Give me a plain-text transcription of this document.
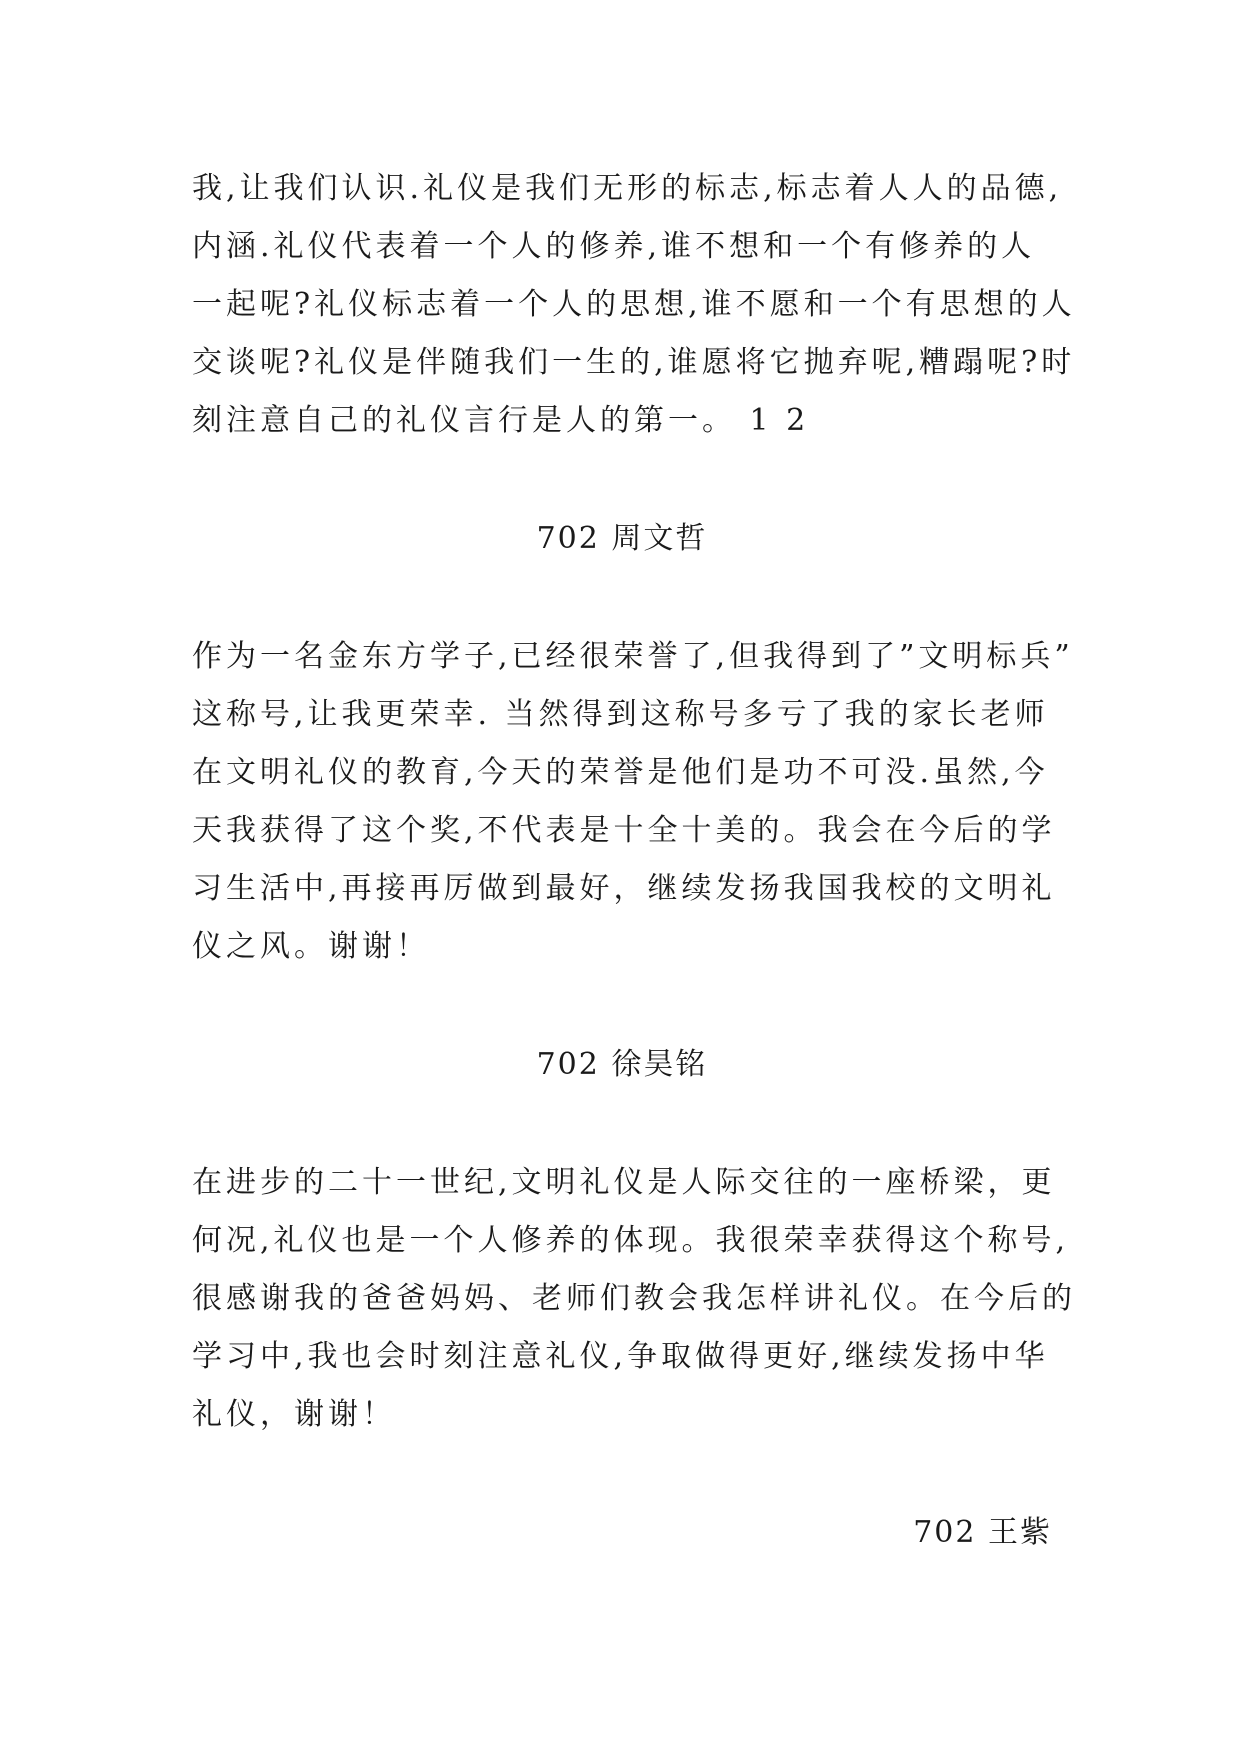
我,让我们认识.礼仪是我们无形的标志,标志着人人的品德,
内涵.礼仪代表着一个人的修养,谁不想和一个有修养的人
一起呢?礼仪标志着一个人的思想,谁不愿和一个有思想的人
交谈呢?礼仪是伴随我们一生的,谁愿将它抛弃呢,糟蹋呢?时
刻注意自己的礼仪言行是人的第一。 1 2

702 周文哲

作为一名金东方学子,已经很荣誉了,但我得到了”文明标兵”
这称号,让我更荣幸. 当然得到这称号多亏了我的家长老师
在文明礼仪的教育,今天的荣誉是他们是功不可没.虽然,今
天我获得了这个奖,不代表是十全十美的。我会在今后的学
习生活中,再接再厉做到最好，继续发扬我国我校的文明礼
仪之风。谢谢！

702 徐昊铭

在进步的二十一世纪,文明礼仪是人际交往的一座桥梁，更
何况,礼仪也是一个人修养的体现。我很荣幸获得这个称号,
很感谢我的爸爸妈妈、老师们教会我怎样讲礼仪。在今后的
学习中,我也会时刻注意礼仪,争取做得更好,继续发扬中华
礼仪，谢谢！

702 王紫
